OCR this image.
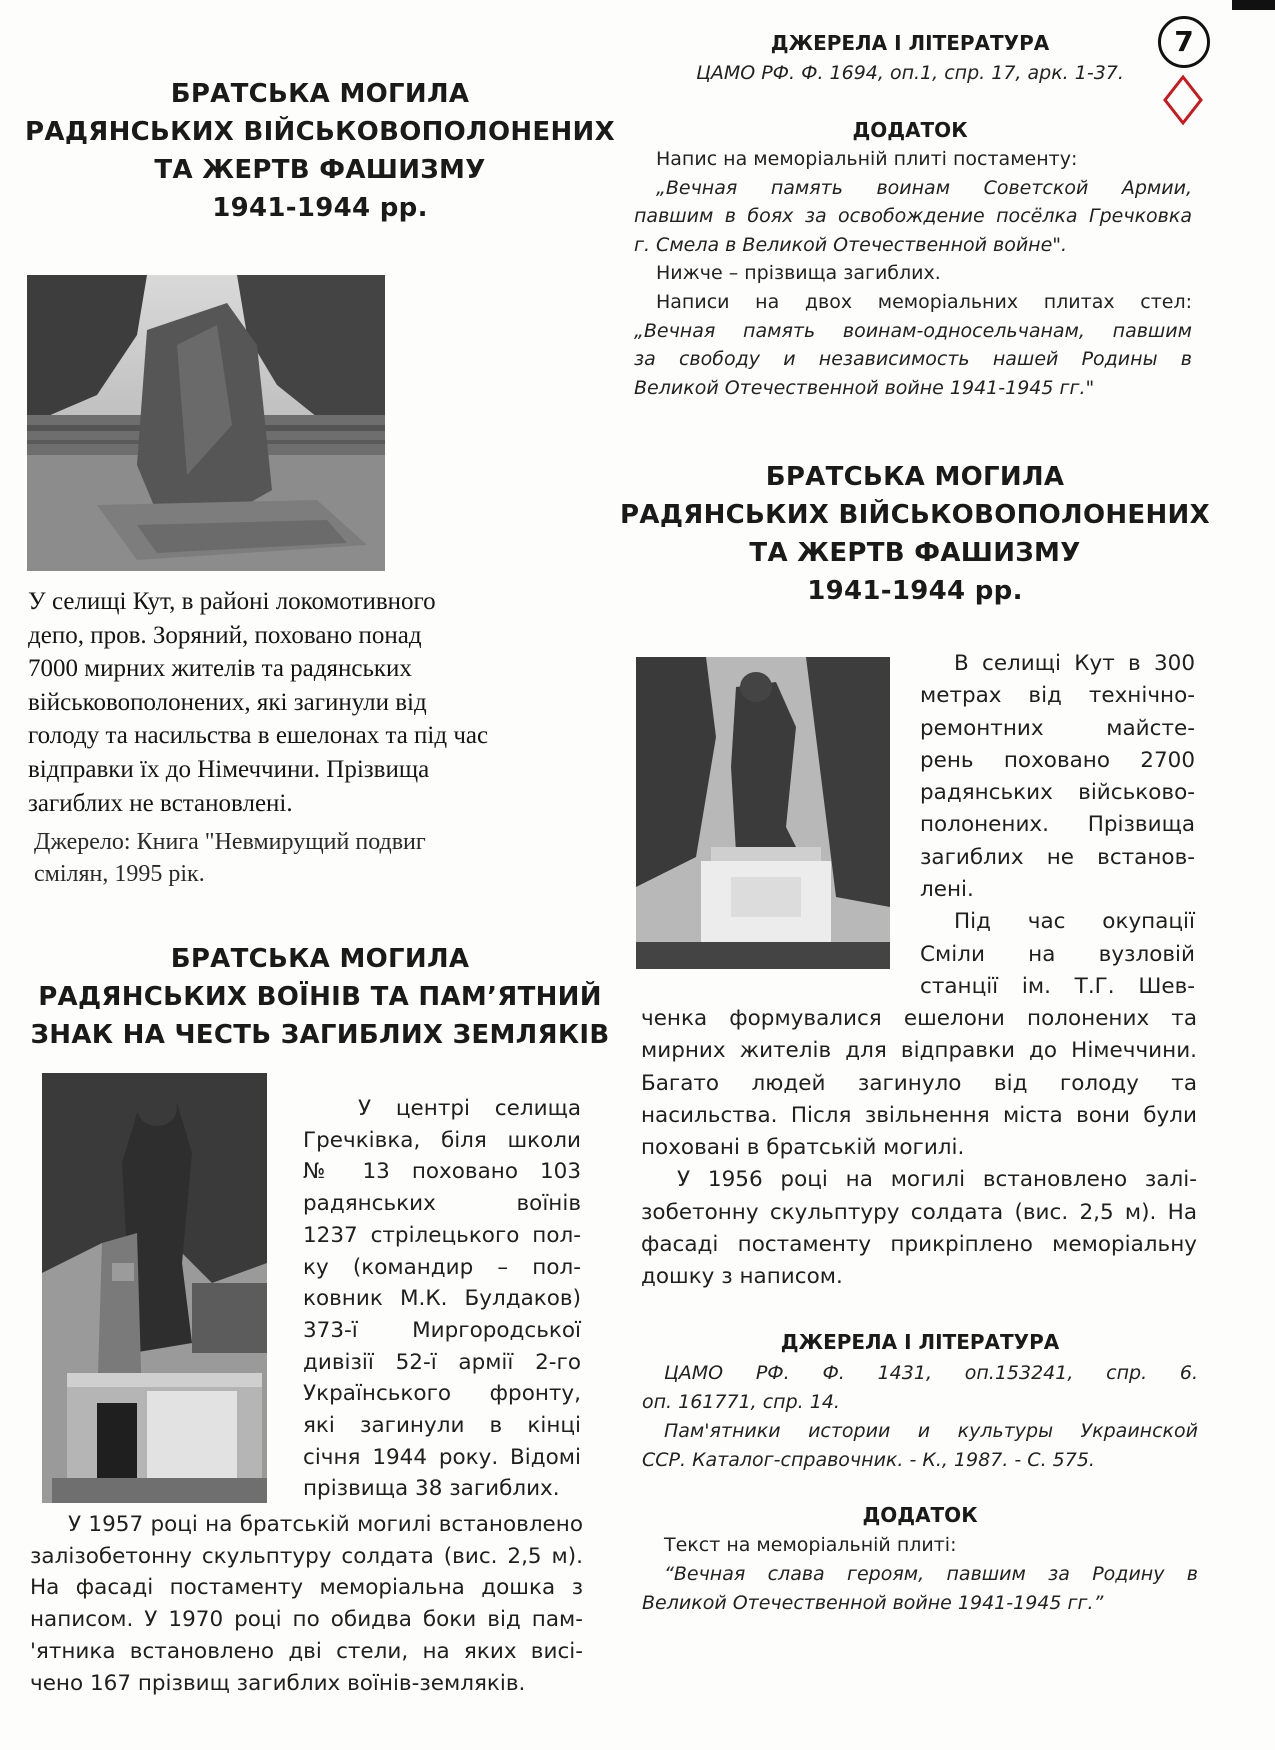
7
БРАТСЬКА МОГИЛА
РАДЯНСЬКИХ ВІЙСЬКОВОПОЛОНЕНИХ
ТА ЖЕРТВ ФАШИЗМУ
1941-1944 рр.
У селищі Кут, в районі локомотивного
депо, пров. Зоряний, поховано понад
7000 мирних жителів та радянських
військовополонених, які загинули від
голоду та насильства в ешелонах та під час
відправки їх до Німеччини. Прізвища
загиблих не встановлені.
Джерело: Книга "Невмирущий подвиг
смілян, 1995 рік.
БРАТСЬКА МОГИЛА
РАДЯНСЬКИХ ВОЇНІВ ТА ПАМ’ЯТНИЙ
ЗНАК НА ЧЕСТЬ ЗАГИБЛИХ ЗЕМЛЯКІВ
У центрі селища
Гречківка, біля школи
№ 13 поховано 103
радянських воїнів
1237 стрілецького пол-
ку (командир – пол-
ковник М.К. Булдаков)
373-ї Миргородської
дивізії 52-ї армії 2-го
Українського фронту,
які загинули в кінці
січня 1944 року. Відомі
прізвища 38 загиблих.
У 1957 році на братській могилі встановлено
залізобетонну скульптуру солдата (вис. 2,5 м).
На фасаді постаменту меморіальна дошка з
написом. У 1970 році по обидва боки від пам-
'ятника встановлено дві стели, на яких висі-
чено 167 прізвищ загиблих воїнів-земляків.
ДЖЕРЕЛА І ЛІТЕРАТУРА
ЦАМО РФ. Ф. 1694, оп.1, спр. 17, арк. 1-37.
ДОДАТОК
Напис на меморіальній плиті постаменту:
„Вечная память воинам Советской Армии,
павшим в боях за освобождение посёлка Гречковка
г. Смела в Великой Отечественной войне".
Нижче – прізвища загиблих.
Написи на двох меморіальних плитах стел:
„Вечная память воинам-односельчанам, павшим
за свободу и независимость нашей Родины в
Великой Отечественной войне 1941-1945 гг."
БРАТСЬКА МОГИЛА
РАДЯНСЬКИХ ВІЙСЬКОВОПОЛОНЕНИХ
ТА ЖЕРТВ ФАШИЗМУ
1941-1944 рр.
В селищі Кут в 300
метрах від технічно-
ремонтних майсте-
рень поховано 2700
радянських військово-
полонених. Прізвища
загиблих не встанов-
лені.
Під час окупації
Сміли на вузловій
станції ім. Т.Г. Шев-
ченка формувалися ешелони полонених та
мирних жителів для відправки до Німеччини.
Багато людей загинуло від голоду та
насильства. Після звільнення міста вони були
поховані в братській могилі.
У 1956 році на могилі встановлено залі-
зобетонну скульптуру солдата (вис. 2,5 м). На
фасаді постаменту прикріплено меморіальну
дошку з написом.
ДЖЕРЕЛА І ЛІТЕРАТУРА
ЦАМО РФ. Ф. 1431, оп.153241, спр. 6.
оп. 161771, спр. 14.
Пам'ятники истории и культуры Украинской
ССР. Каталог-справочник. - К., 1987. - С. 575.
ДОДАТОК
Текст на меморіальній плиті:
“Вечная слава героям, павшим за Родину в
Великой Отечественной войне 1941-1945 гг.”
